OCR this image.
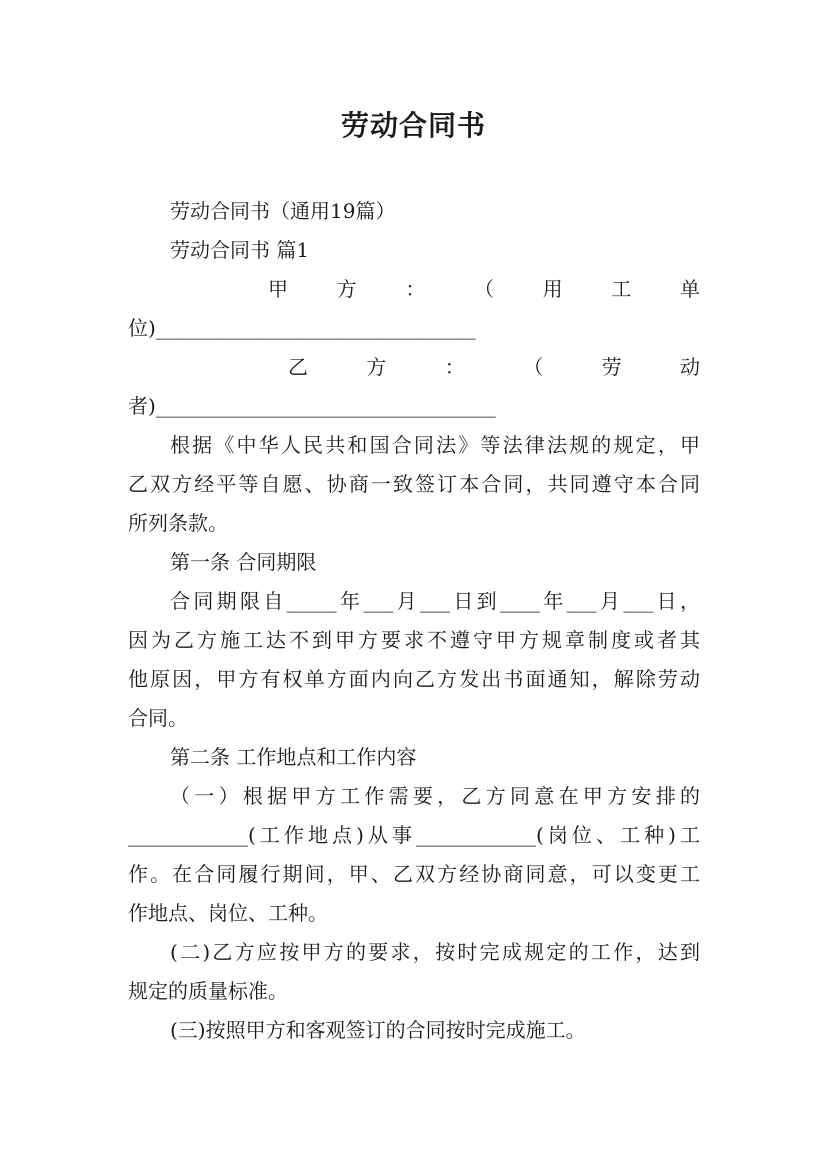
劳动合同书
劳动合同书（通用19篇）
劳动合同书 篇1
甲 方 ： （ 用 工 单
位)________________________________
乙 方 ： （ 劳 动
者)__________________________________
根据《中华人民共和国合同法》等法律法规的规定，甲
乙双方经平等自愿、协商一致签订本合同，共同遵守本合同
所列条款。
第一条 合同期限
合同期限自_____年___月___日到____年___月___日，
因为乙方施工达不到甲方要求不遵守甲方规章制度或者其
他原因，甲方有权单方面内向乙方发出书面通知，解除劳动
合同。
第二条 工作地点和工作内容
（一）根据甲方工作需要，乙方同意在甲方安排的
____________(工作地点)从事____________(岗位、工种)工
作。在合同履行期间，甲、乙双方经协商同意，可以变更工
作地点、岗位、工种。
(二)乙方应按甲方的要求，按时完成规定的工作，达到
规定的质量标准。
(三)按照甲方和客观签订的合同按时完成施工。
